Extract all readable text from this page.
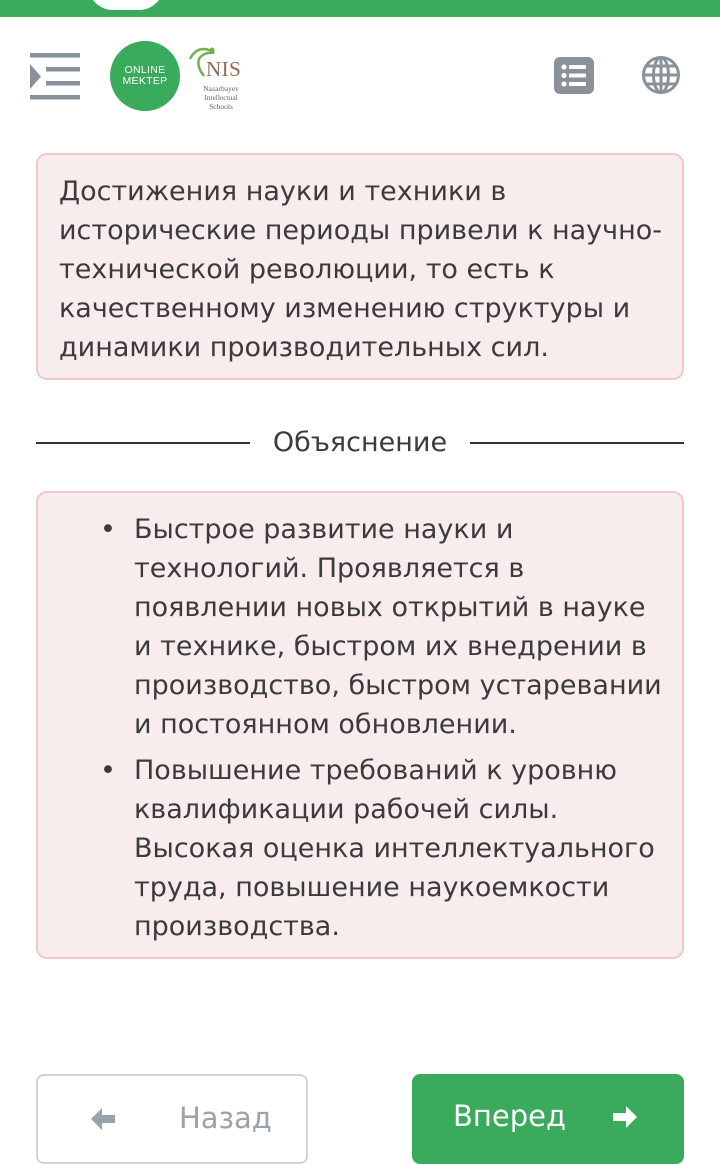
ONLINE
MEKTEP NIS
Nazarbayev
Intellectual
Schools
Достижения науки и техники в исторические периоды привели к научно-технической революции, то есть к качественному изменению структуры и динамики производительных сил.
Объяснение
• Быстрое развитие науки и технологий. Проявляется в появлении новых открытий в науке и технике, быстром их внедрении в производство, быстром устаревании и постоянном обновлении.
• Повышение требований к уровню квалификации рабочей силы. Высокая оценка интеллектуального труда, повышение наукоемкости производства.
Назад	Вперед
